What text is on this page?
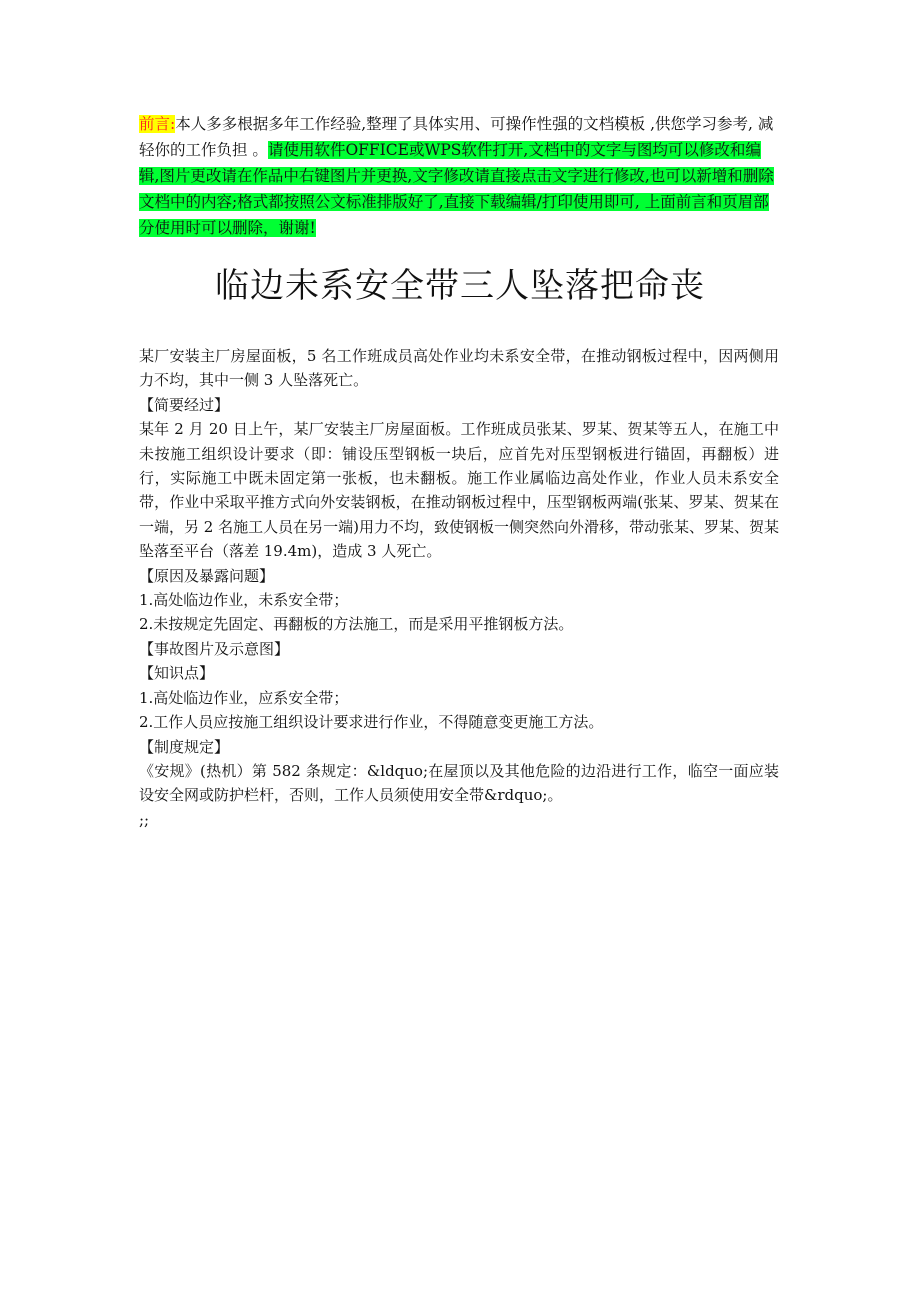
前言:本人多多根据多年工作经验,整理了具体实用、可操作性强的文档模板 ,供您学习参考, 减轻你的工作负担 。请使用软件OFFICE或WPS软件打开,文档中的文字与图均可以修改和编辑,图片更改请在作品中右键图片并更换,文字修改请直接点击文字进行修改,也可以新增和删除文档中的内容;格式都按照公文标准排版好了,直接下载编辑/打印使用即可, 上面前言和页眉部分使用时可以删除，谢谢!
临边未系安全带三人坠落把命丧

某厂安装主厂房屋面板，5 名工作班成员高处作业均未系安全带，在推动钢板过程中，因两侧用力不均，其中一侧 3 人坠落死亡。

【简要经过】

某年 2 月 20 日上午，某厂安装主厂房屋面板。工作班成员张某、罗某、贺某等五人，在施工中未按施工组织设计要求（即：铺设压型钢板一块后，应首先对压型钢板进行锚固，再翻板）进行，实际施工中既未固定第一张板，也未翻板。施工作业属临边高处作业，作业人员未系安全带，作业中采取平推方式向外安装钢板，在推动钢板过程中，压型钢板两端(张某、罗某、贺某在一端，另 2 名施工人员在另一端)用力不均，致使钢板一侧突然向外滑移，带动张某、罗某、贺某坠落至平台（落差 19.4m)，造成 3 人死亡。

【原因及暴露问题】

1.高处临边作业，未系安全带；

2.未按规定先固定、再翻板的方法施工，而是采用平推钢板方法。

【事故图片及示意图】

【知识点】

1.高处临边作业，应系安全带；

2.工作人员应按施工组织设计要求进行作业，不得随意变更施工方法。

【制度规定】

《安规》(热机）第 582 条规定：&ldquo;在屋顶以及其他危险的边沿进行工作，临空一面应装设安全网或防护栏杆，否则，工作人员须使用安全带&rdquo;。

;;
